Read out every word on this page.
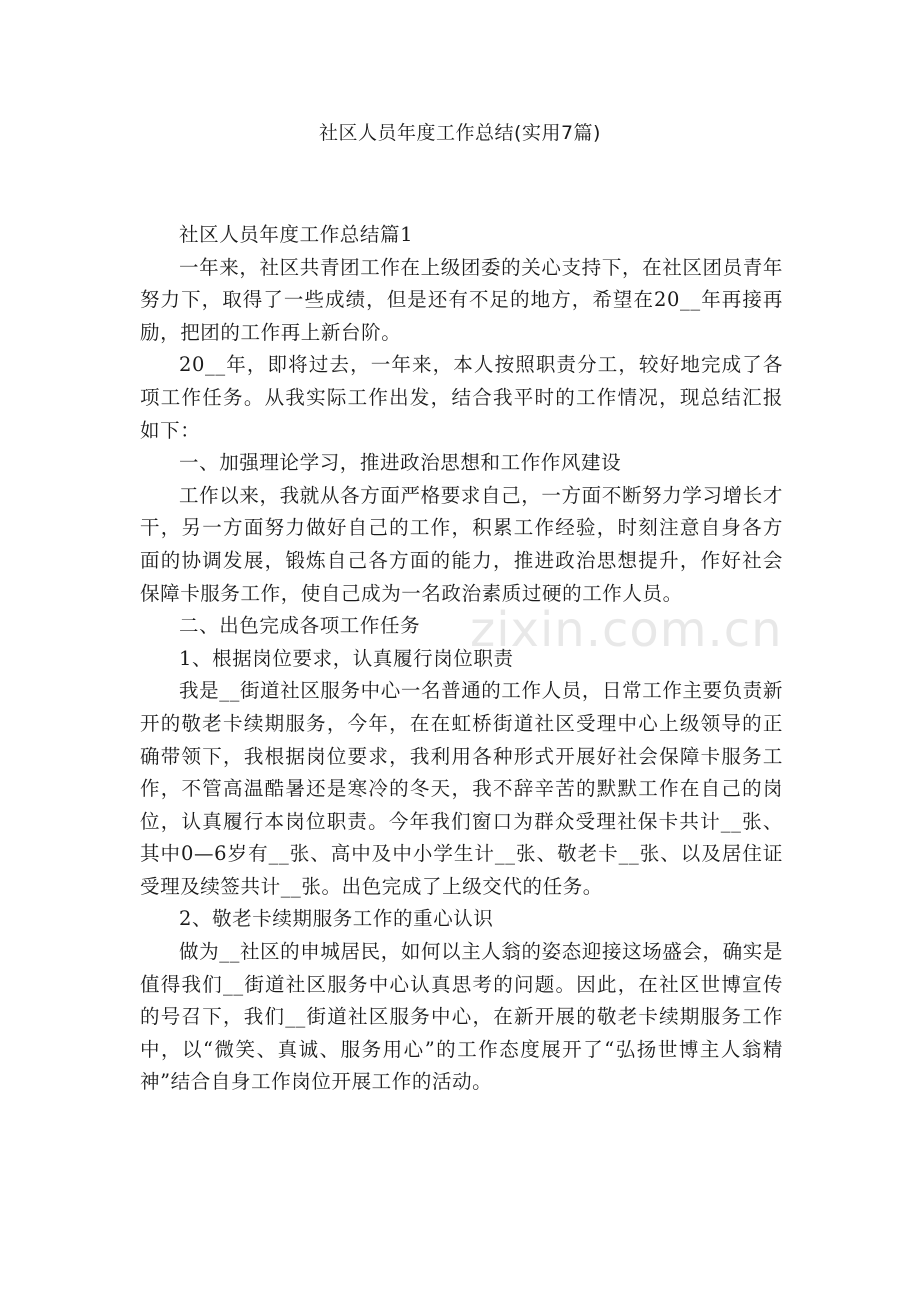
社区人员年度工作总结(实用7篇)

社区人员年度工作总结篇1

一年来，社区共青团工作在上级团委的关心支持下，在社区团员青年努力下，取得了一些成绩，但是还有不足的地方，希望在20__年再接再励，把团的工作再上新台阶。

20__年，即将过去，一年来，本人按照职责分工，较好地完成了各项工作任务。从我实际工作出发，结合我平时的工作情况，现总结汇报如下：

一、加强理论学习，推进政治思想和工作作风建设

工作以来，我就从各方面严格要求自己，一方面不断努力学习增长才干，另一方面努力做好自己的工作，积累工作经验，时刻注意自身各方面的协调发展，锻炼自己各方面的能力，推进政治思想提升，作好社会保障卡服务工作，使自己成为一名政治素质过硬的工作人员。

二、出色完成各项工作任务

1、根据岗位要求，认真履行岗位职责

我是__街道社区服务中心一名普通的工作人员，日常工作主要负责新开的敬老卡续期服务，今年，在在虹桥街道社区受理中心上级领导的正确带领下，我根据岗位要求，我利用各种形式开展好社会保障卡服务工作，不管高温酷暑还是寒冷的冬天，我不辞辛苦的默默工作在自己的岗位，认真履行本岗位职责。今年我们窗口为群众受理社保卡共计__张、其中0—6岁有__张、高中及中小学生计__张、敬老卡__张、以及居住证受理及续签共计__张。出色完成了上级交代的任务。

2、敬老卡续期服务工作的重心认识

做为__社区的申城居民，如何以主人翁的姿态迎接这场盛会，确实是值得我们__街道社区服务中心认真思考的问题。因此，在社区世博宣传的号召下，我们__街道社区服务中心，在新开展的敬老卡续期服务工作中，以“微笑、真诚、服务用心”的工作态度展开了“弘扬世博主人翁精神”结合自身工作岗位开展工作的活动。

zixin.com.cn
